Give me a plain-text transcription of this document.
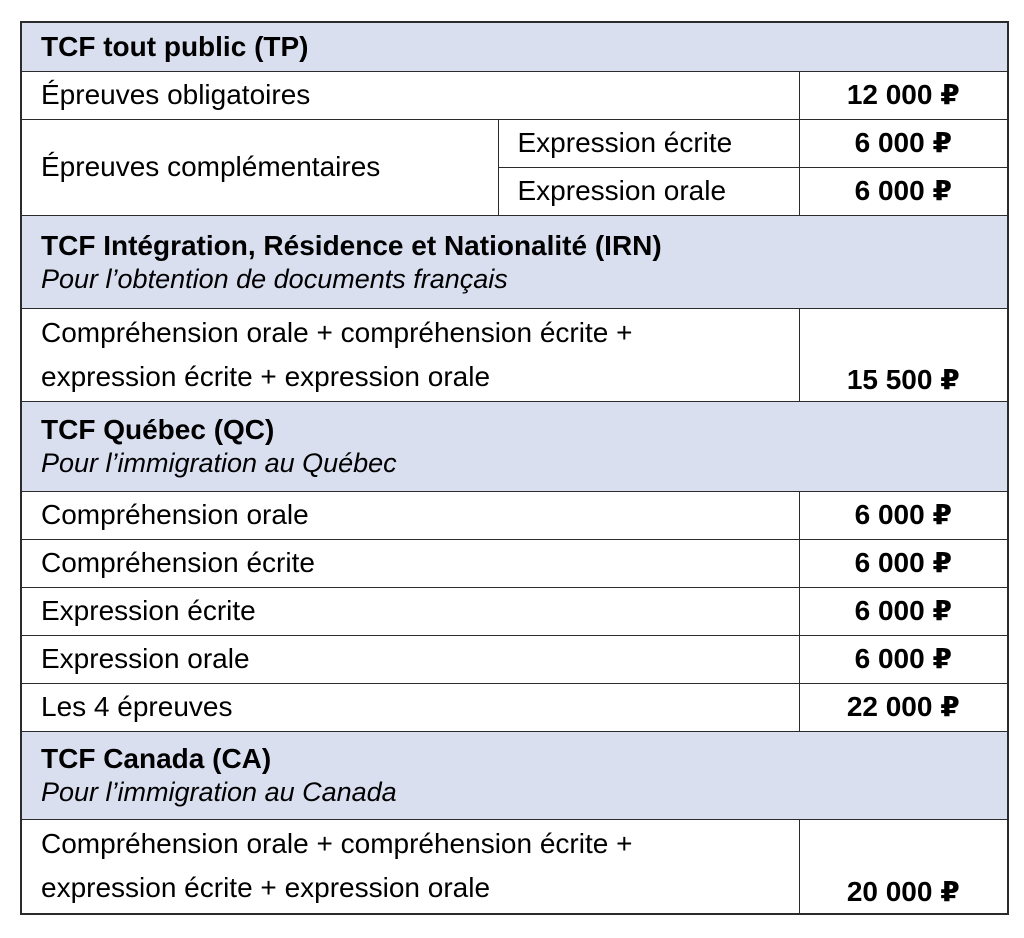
TCF tout public (TP)		

Épreuves obligatoires		12 000 ₽
Épreuves complémentaires	Expression écrite	6 000 ₽
	Expression orale	6 000 ₽

TCF Intégration, Résidence et Nationalité (IRN)
Pour l’obtention de documents français		

Compréhension orale + compréhension écrite +
expression écrite + expression orale		15 500 ₽

TCF Québec (QC)
Pour l’immigration au Québec		

Compréhension orale		6 000 ₽
Compréhension écrite		6 000 ₽
Expression écrite		6 000 ₽
Expression orale		6 000 ₽
Les 4 épreuves		22 000 ₽

TCF Canada (CA)
Pour l’immigration au Canada		

Compréhension orale + compréhension écrite +
expression écrite + expression orale		20 000 ₽
